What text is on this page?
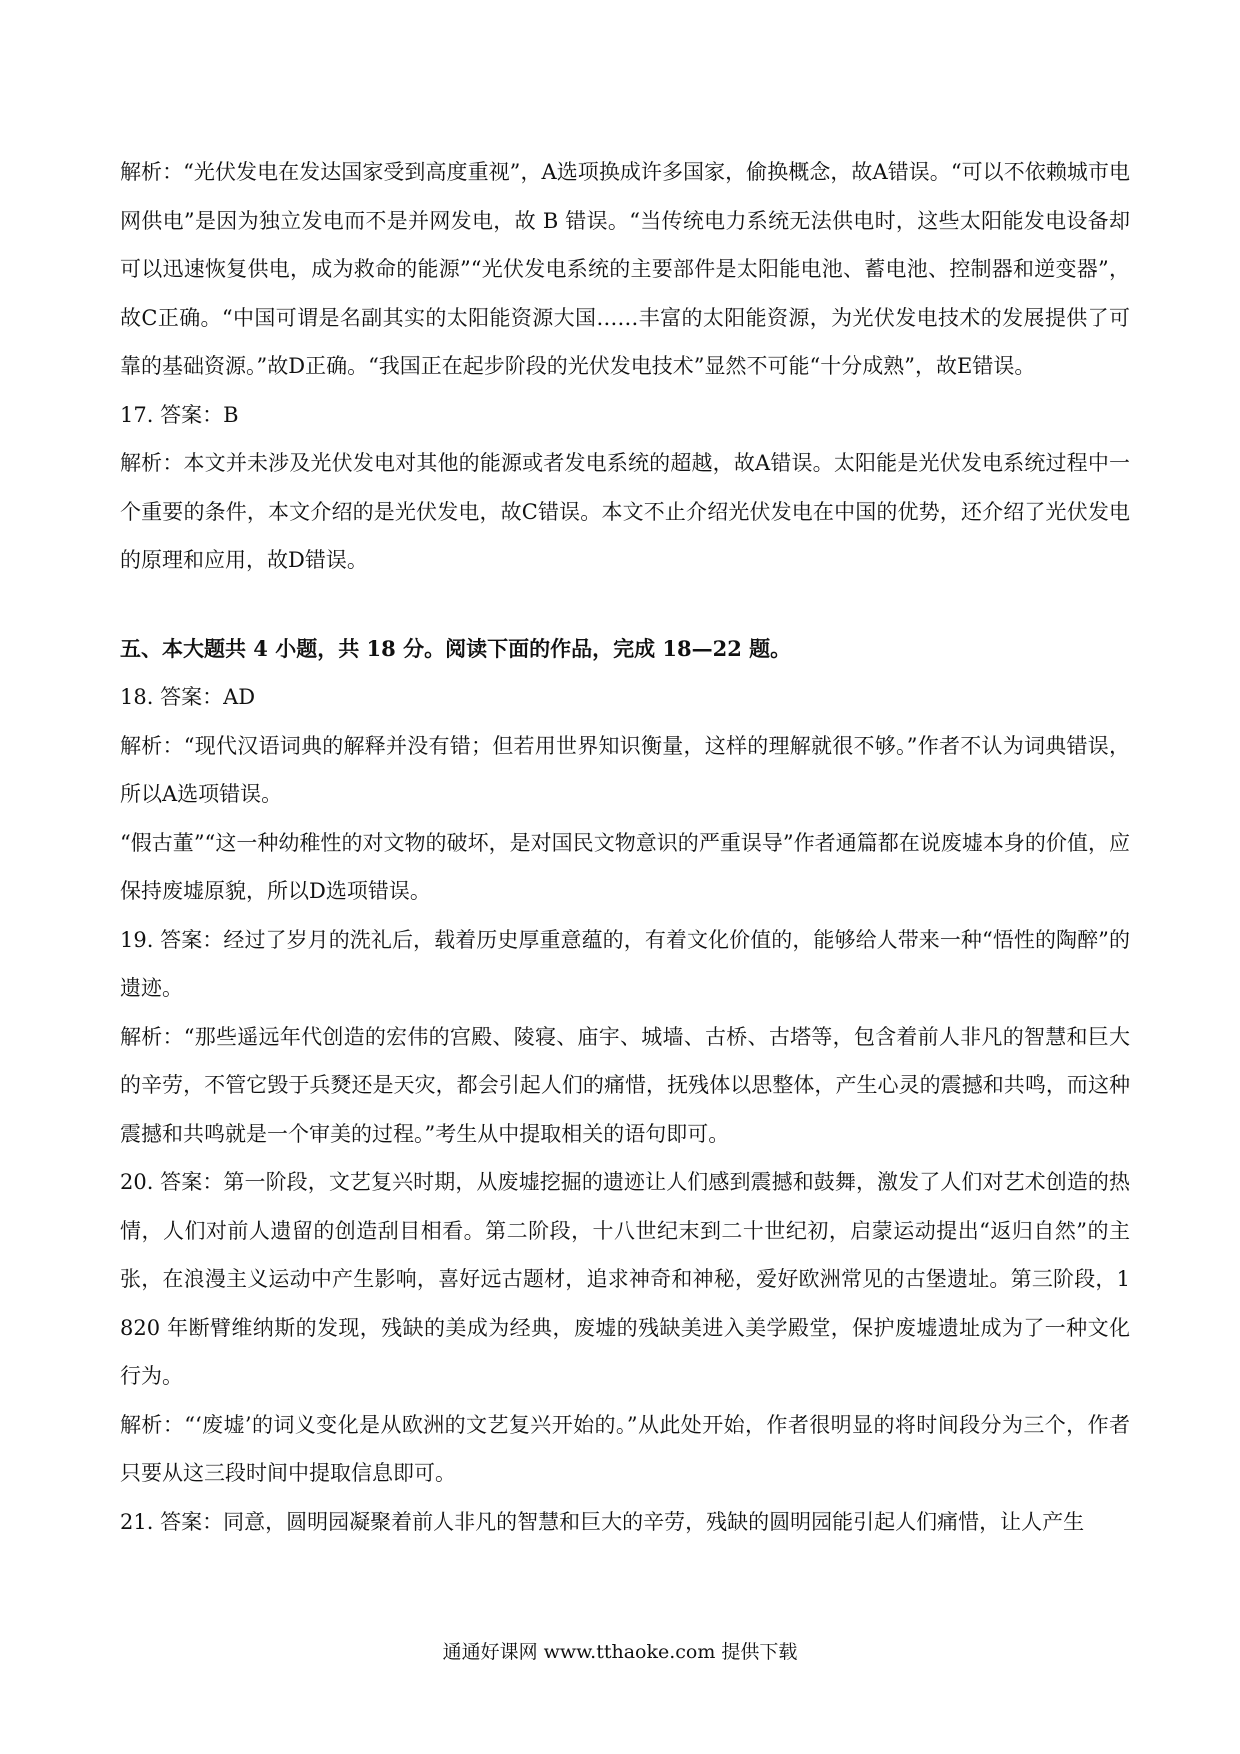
解析：“光伏发电在发达国家受到高度重视”，A选项换成许多国家，偷换概念，故A错误。“可以不依赖城市电网供电”是因为独立发电而不是并网发电，故 B 错误。“当传统电力系统无法供电时，这些太阳能发电设备却可以迅速恢复供电，成为救命的能源”“光伏发电系统的主要部件是太阳能电池、蓄电池、控制器和逆变器”，故C正确。“中国可谓是名副其实的太阳能资源大国……丰富的太阳能资源，为光伏发电技术的发展提供了可靠的基础资源。”故D正确。“我国正在起步阶段的光伏发电技术”显然不可能“十分成熟”，故E错误。

17. 答案：B

解析：本文并未涉及光伏发电对其他的能源或者发电系统的超越，故A错误。太阳能是光伏发电系统过程中一个重要的条件，本文介绍的是光伏发电，故C错误。本文不止介绍光伏发电在中国的优势，还介绍了光伏发电的原理和应用，故D错误。

五、本大题共 4 小题，共 18 分。阅读下面的作品，完成 18—22 题。

18. 答案：AD

解析：“现代汉语词典的解释并没有错；但若用世界知识衡量，这样的理解就很不够。”作者不认为词典错误，所以A选项错误。

“假古董”“这一种幼稚性的对文物的破坏，是对国民文物意识的严重误导”作者通篇都在说废墟本身的价值，应保持废墟原貌，所以D选项错误。

19. 答案：经过了岁月的洗礼后，载着历史厚重意蕴的，有着文化价值的，能够给人带来一种“悟性的陶醉”的遗迹。

解析：“那些遥远年代创造的宏伟的宫殿、陵寝、庙宇、城墙、古桥、古塔等，包含着前人非凡的智慧和巨大的辛劳，不管它毁于兵燹还是天灾，都会引起人们的痛惜，抚残体以思整体，产生心灵的震撼和共鸣，而这种震撼和共鸣就是一个审美的过程。”考生从中提取相关的语句即可。

20. 答案：第一阶段，文艺复兴时期，从废墟挖掘的遗迹让人们感到震撼和鼓舞，激发了人们对艺术创造的热情，人们对前人遗留的创造刮目相看。第二阶段，十八世纪末到二十世纪初，启蒙运动提出“返归自然”的主张，在浪漫主义运动中产生影响，喜好远古题材，追求神奇和神秘，爱好欧洲常见的古堡遗址。第三阶段，1820 年断臂维纳斯的发现，残缺的美成为经典，废墟的残缺美进入美学殿堂，保护废墟遗址成为了一种文化行为。

解析：“‘废墟’的词义变化是从欧洲的文艺复兴开始的。”从此处开始，作者很明显的将时间段分为三个，作者只要从这三段时间中提取信息即可。

21. 答案：同意，圆明园凝聚着前人非凡的智慧和巨大的辛劳，残缺的圆明园能引起人们痛惜，让人产生

通通好课网 www.tthaoke.com 提供下载
